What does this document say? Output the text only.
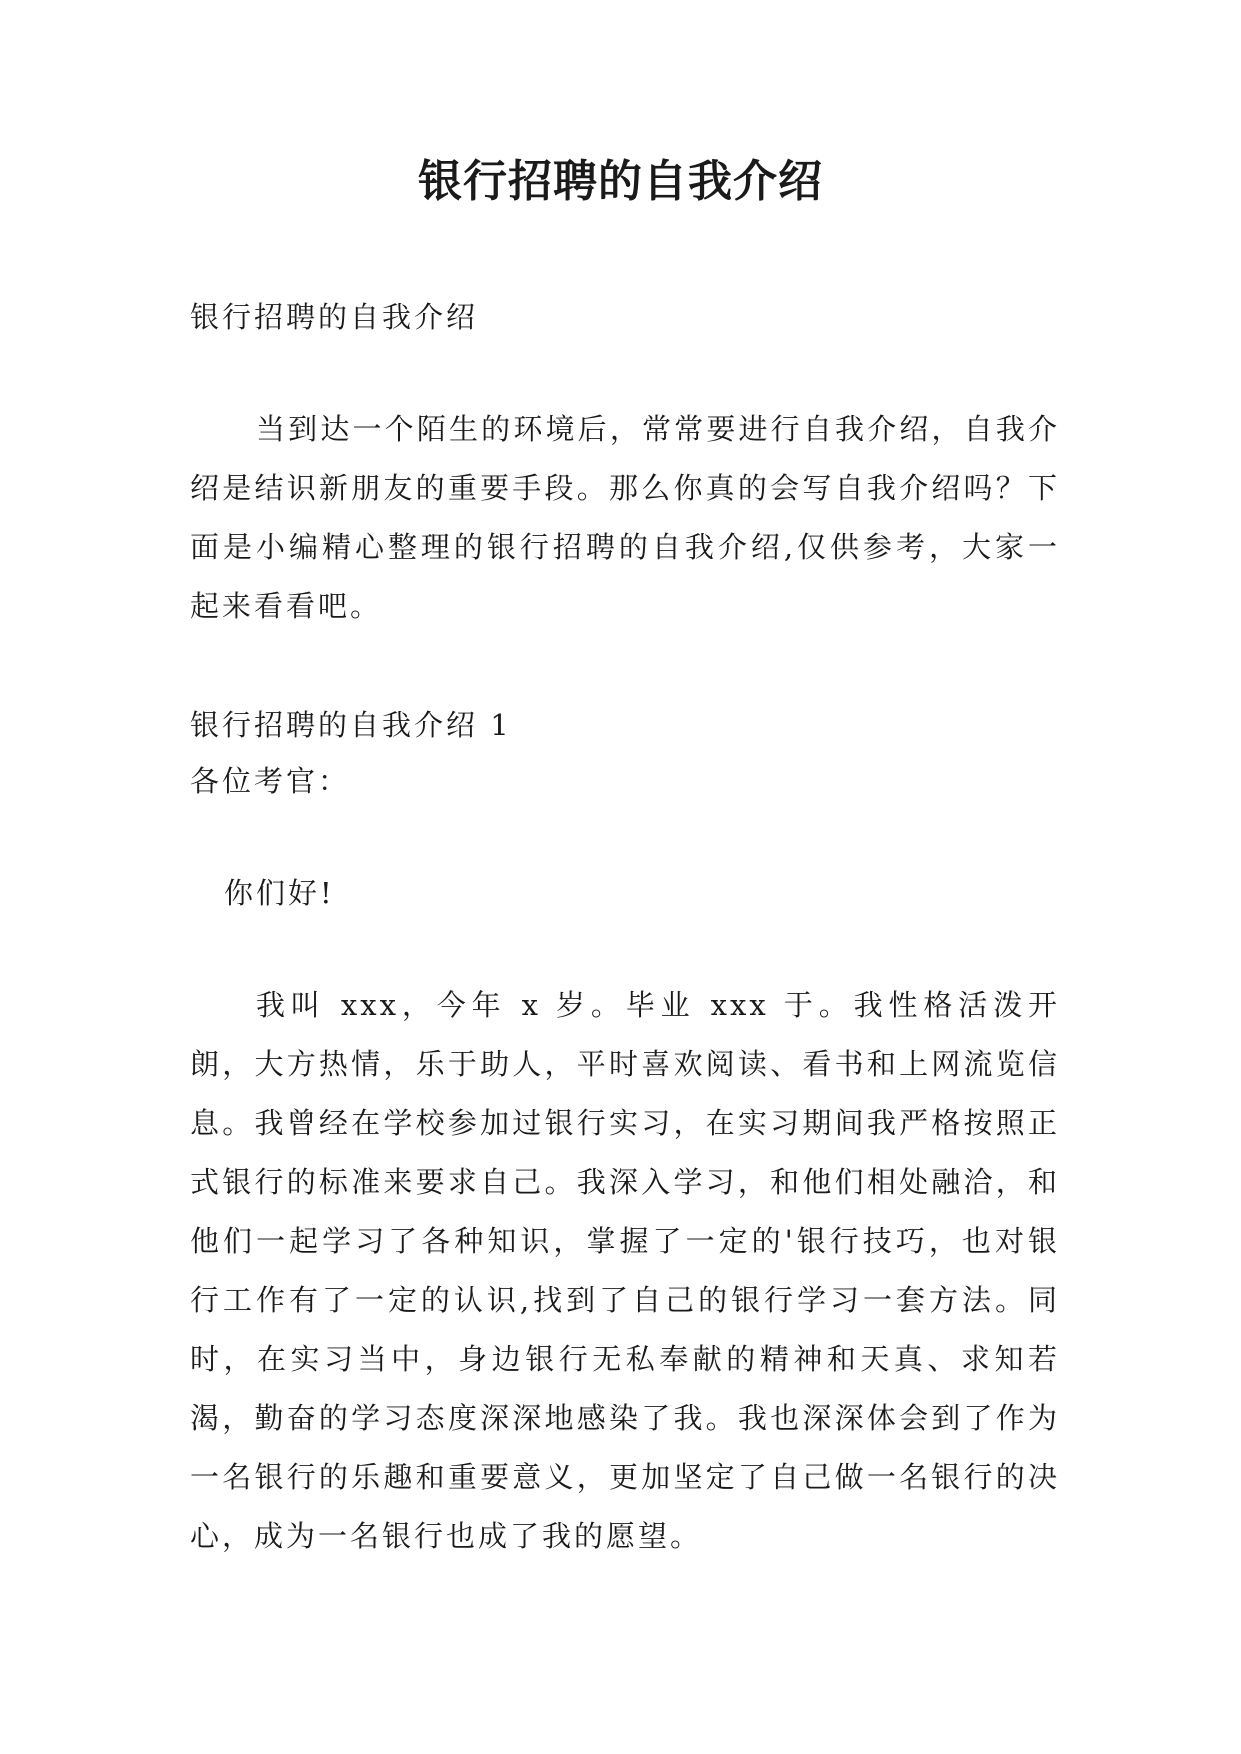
银行招聘的自我介绍

银行招聘的自我介绍

当到达一个陌生的环境后，常常要进行自我介绍，自我介绍是结识新朋友的重要手段。那么你真的会写自我介绍吗？下面是小编精心整理的银行招聘的自我介绍,仅供参考，大家一起来看看吧。

银行招聘的自我介绍 1

各位考官：

你们好!

我叫 xxx，今年 x 岁。毕业 xxx 于。我性格活泼开朗，大方热情，乐于助人，平时喜欢阅读、看书和上网流览信息。我曾经在学校参加过银行实习，在实习期间我严格按照正式银行的标准来要求自己。我深入学习，和他们相处融洽，和他们一起学习了各种知识，掌握了一定的'银行技巧，也对银行工作有了一定的认识,找到了自己的银行学习一套方法。同时，在实习当中，身边银行无私奉献的精神和天真、求知若渴，勤奋的学习态度深深地感染了我。我也深深体会到了作为一名银行的乐趣和重要意义，更加坚定了自己做一名银行的决心，成为一名银行也成了我的愿望。
